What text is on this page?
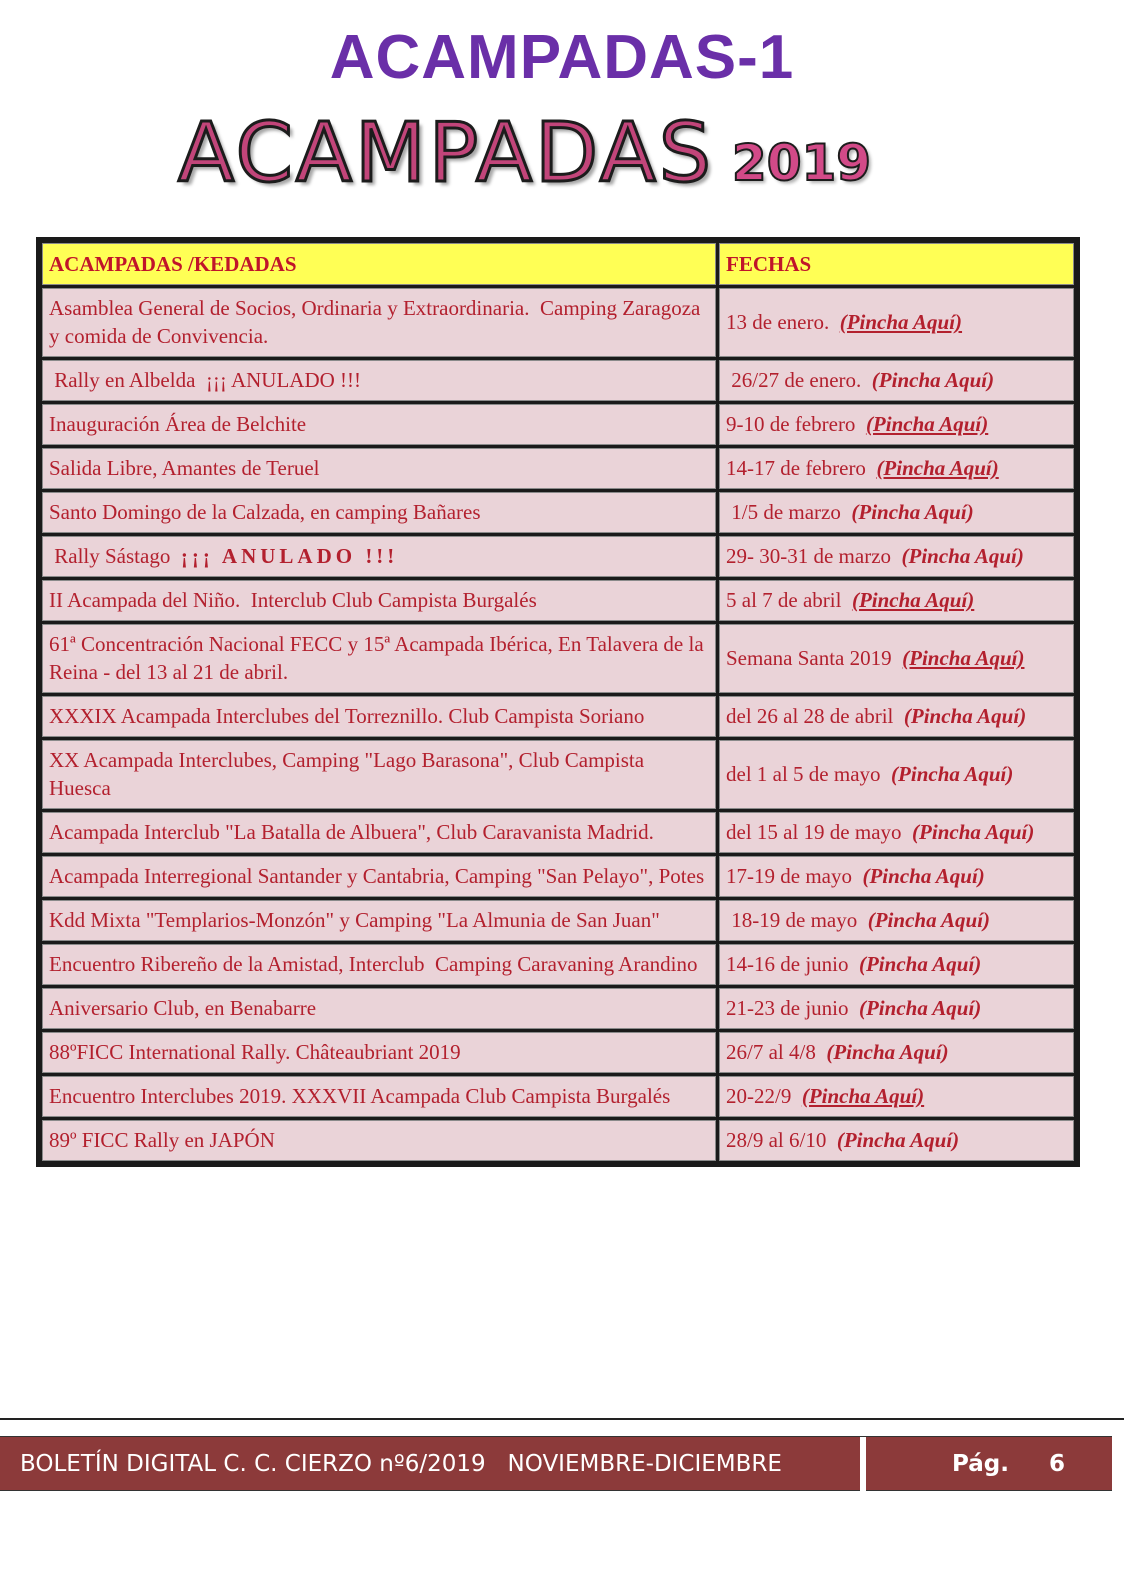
ACAMPADAS-1
ACAMPADAS 2019
ACAMPADAS /KEDADAS	FECHAS
Asamblea General de Socios, Ordinaria y Extraordinaria.  Camping Zaragoza y comida de Convivencia.	13 de enero. (Pincha Aquí)
Rally en Albelda  ¡¡¡ ANULADO !!!	26/27 de enero. (Pincha Aquí)
Inauguración Área de Belchite	9-10 de febrero (Pincha Aquí)
Salida Libre, Amantes de Teruel	14-17 de febrero (Pincha Aquí)
Santo Domingo de la Calzada, en camping Bañares	1/5 de marzo (Pincha Aquí)
Rally Sástago  ¡¡¡ ANULADO !!!	29- 30-31 de marzo (Pincha Aquí)
II Acampada del Niño.  Interclub Club Campista Burgalés	5 al 7 de abril (Pincha Aquí)
61ª Concentración Nacional FECC y 15ª Acampada Ibérica, En Talavera de la Reina - del 13 al 21 de abril.	Semana Santa 2019 (Pincha Aquí)
XXXIX Acampada Interclubes del Torreznillo. Club Campista Soriano	del 26 al 28 de abril (Pincha Aquí)
XX Acampada Interclubes, Camping "Lago Barasona", Club Campista Huesca	del 1 al 5 de mayo (Pincha Aquí)
Acampada Interclub "La Batalla de Albuera", Club Caravanista Madrid.	del 15 al 19 de mayo (Pincha Aquí)
Acampada Interregional Santander y Cantabria, Camping "San Pelayo", Potes	17-19 de mayo (Pincha Aquí)
Kdd Mixta "Templarios-Monzón" y Camping "La Almunia de San Juan"	18-19 de mayo (Pincha Aquí)
Encuentro Ribereño de la Amistad, Interclub  Camping Caravaning Arandino	14-16 de junio (Pincha Aquí)
Aniversario Club, en Benabarre	21-23 de junio (Pincha Aquí)
88ºFICC International Rally. Châteaubriant 2019	26/7 al 4/8 (Pincha Aquí)
Encuentro Interclubes 2019. XXXVII Acampada Club Campista Burgalés	20-22/9 (Pincha Aquí)
89º FICC Rally en JAPÓN	28/9 al 6/10 (Pincha Aquí)
BOLETÍN DIGITAL C. C. CIERZO nº6/2019   NOVIEMBRE-DICIEMBRE	Pág. 6
